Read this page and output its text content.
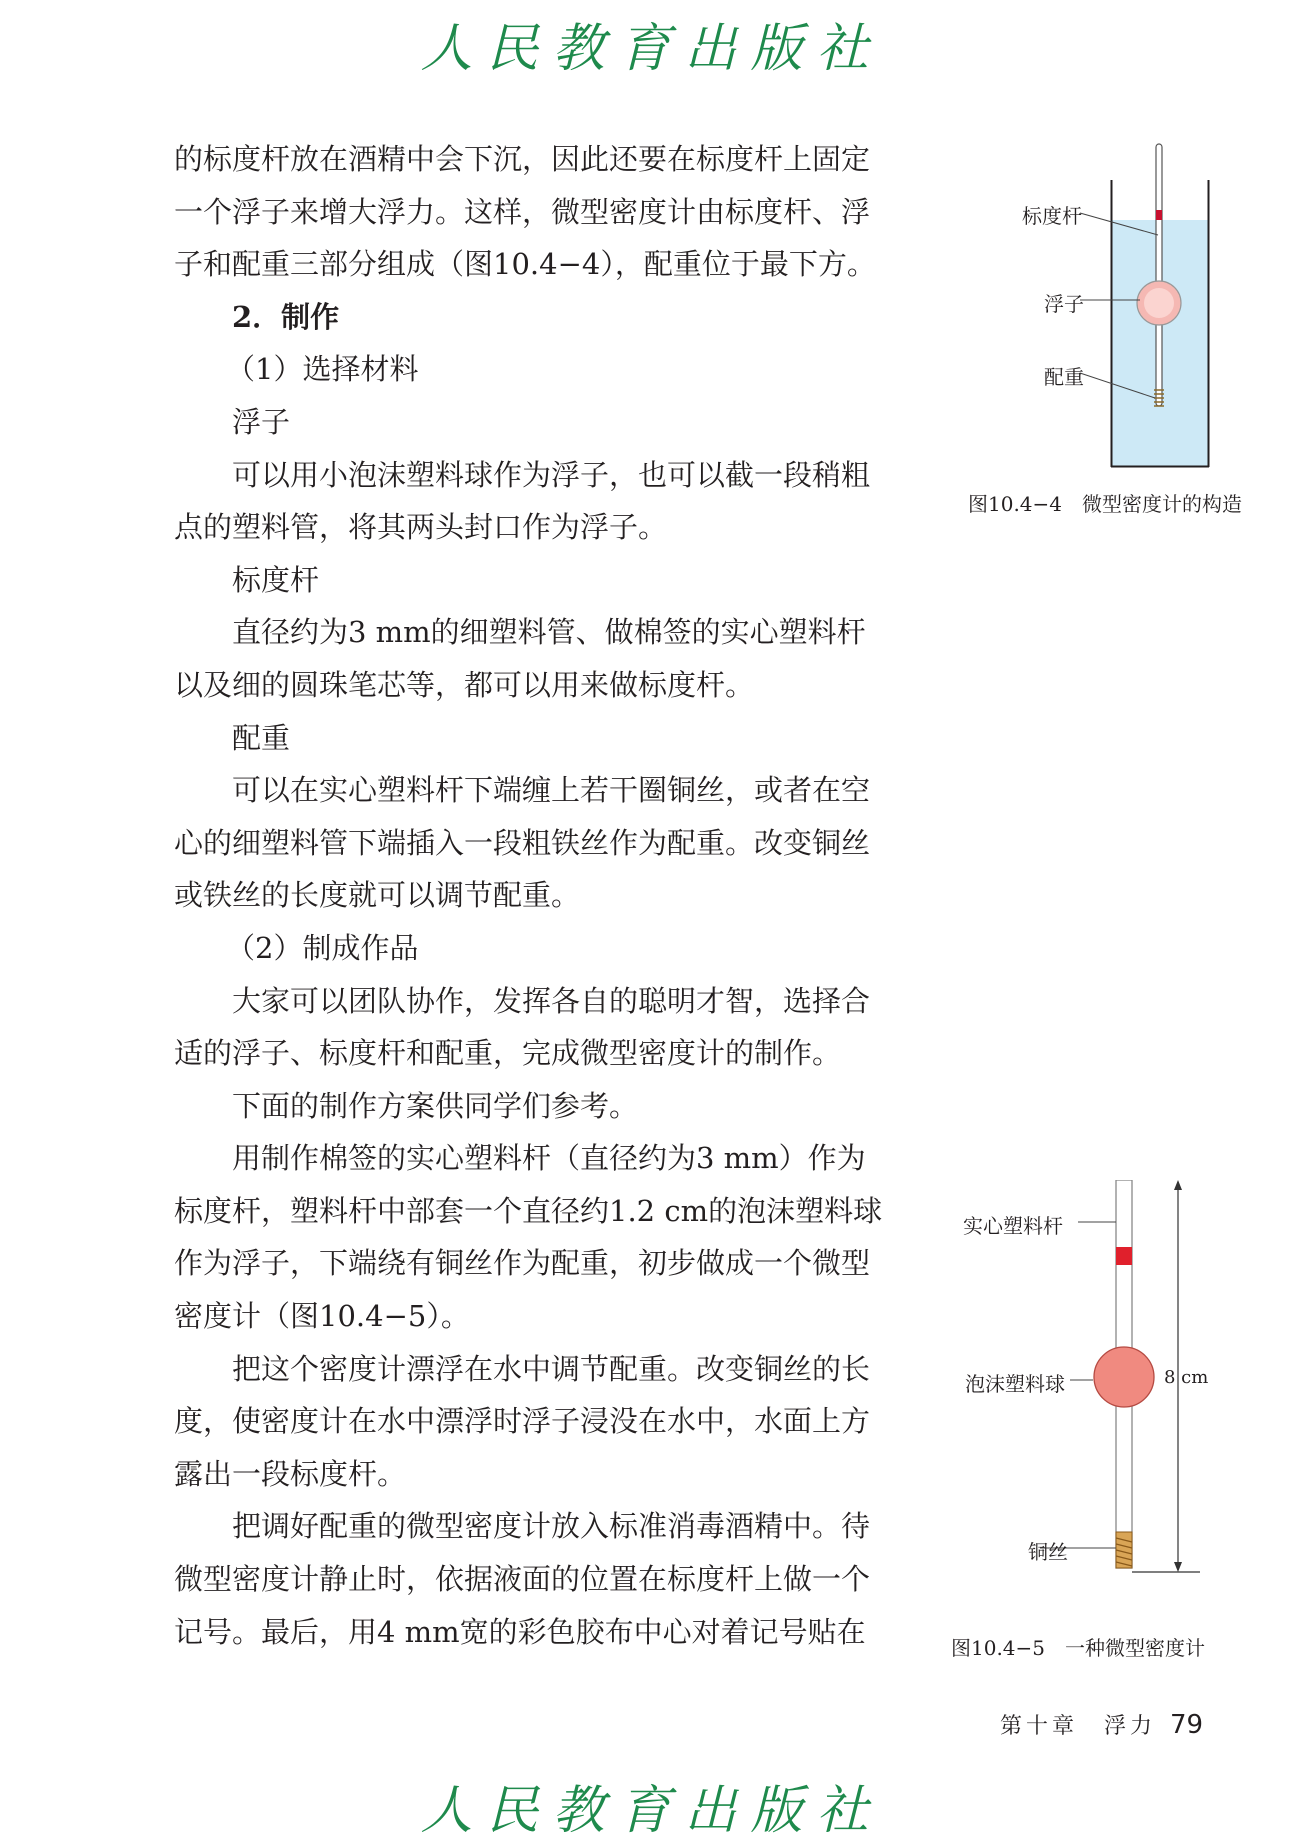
人民教育出版社

的标度杆放在酒精中会下沉，因此还要在标度杆上固定

一个浮子来增大浮力。这样，微型密度计由标度杆、浮

子和配重三部分组成（图10.4−4），配重位于最下方。

2．制作

（1）选择材料

浮子

可以用小泡沫塑料球作为浮子，也可以截一段稍粗

点的塑料管，将其两头封口作为浮子。

标度杆

直径约为3 mm的细塑料管、做棉签的实心塑料杆

以及细的圆珠笔芯等，都可以用来做标度杆。

配重

可以在实心塑料杆下端缠上若干圈铜丝，或者在空

心的细塑料管下端插入一段粗铁丝作为配重。改变铜丝

或铁丝的长度就可以调节配重。

（2）制成作品

大家可以团队协作，发挥各自的聪明才智，选择合

适的浮子、标度杆和配重，完成微型密度计的制作。

下面的制作方案供同学们参考。

用制作棉签的实心塑料杆（直径约为3 mm）作为

标度杆，塑料杆中部套一个直径约1.2 cm的泡沫塑料球

作为浮子，下端绕有铜丝作为配重，初步做成一个微型

密度计（图10.4−5）。

把这个密度计漂浮在水中调节配重。改变铜丝的长

度，使密度计在水中漂浮时浮子浸没在水中，水面上方

露出一段标度杆。

把调好配重的微型密度计放入标准消毒酒精中。待

微型密度计静止时，依据液面的位置在标度杆上做一个

记号。最后，用4 mm宽的彩色胶布中心对着记号贴在

标度杆
浮子
配重
图10.4−4　微型密度计的构造
实心塑料杆
泡沫塑料球
铜丝
8 cm
图10.4−5　一种微型密度计
第十章　浮力 79
人民教育出版社
